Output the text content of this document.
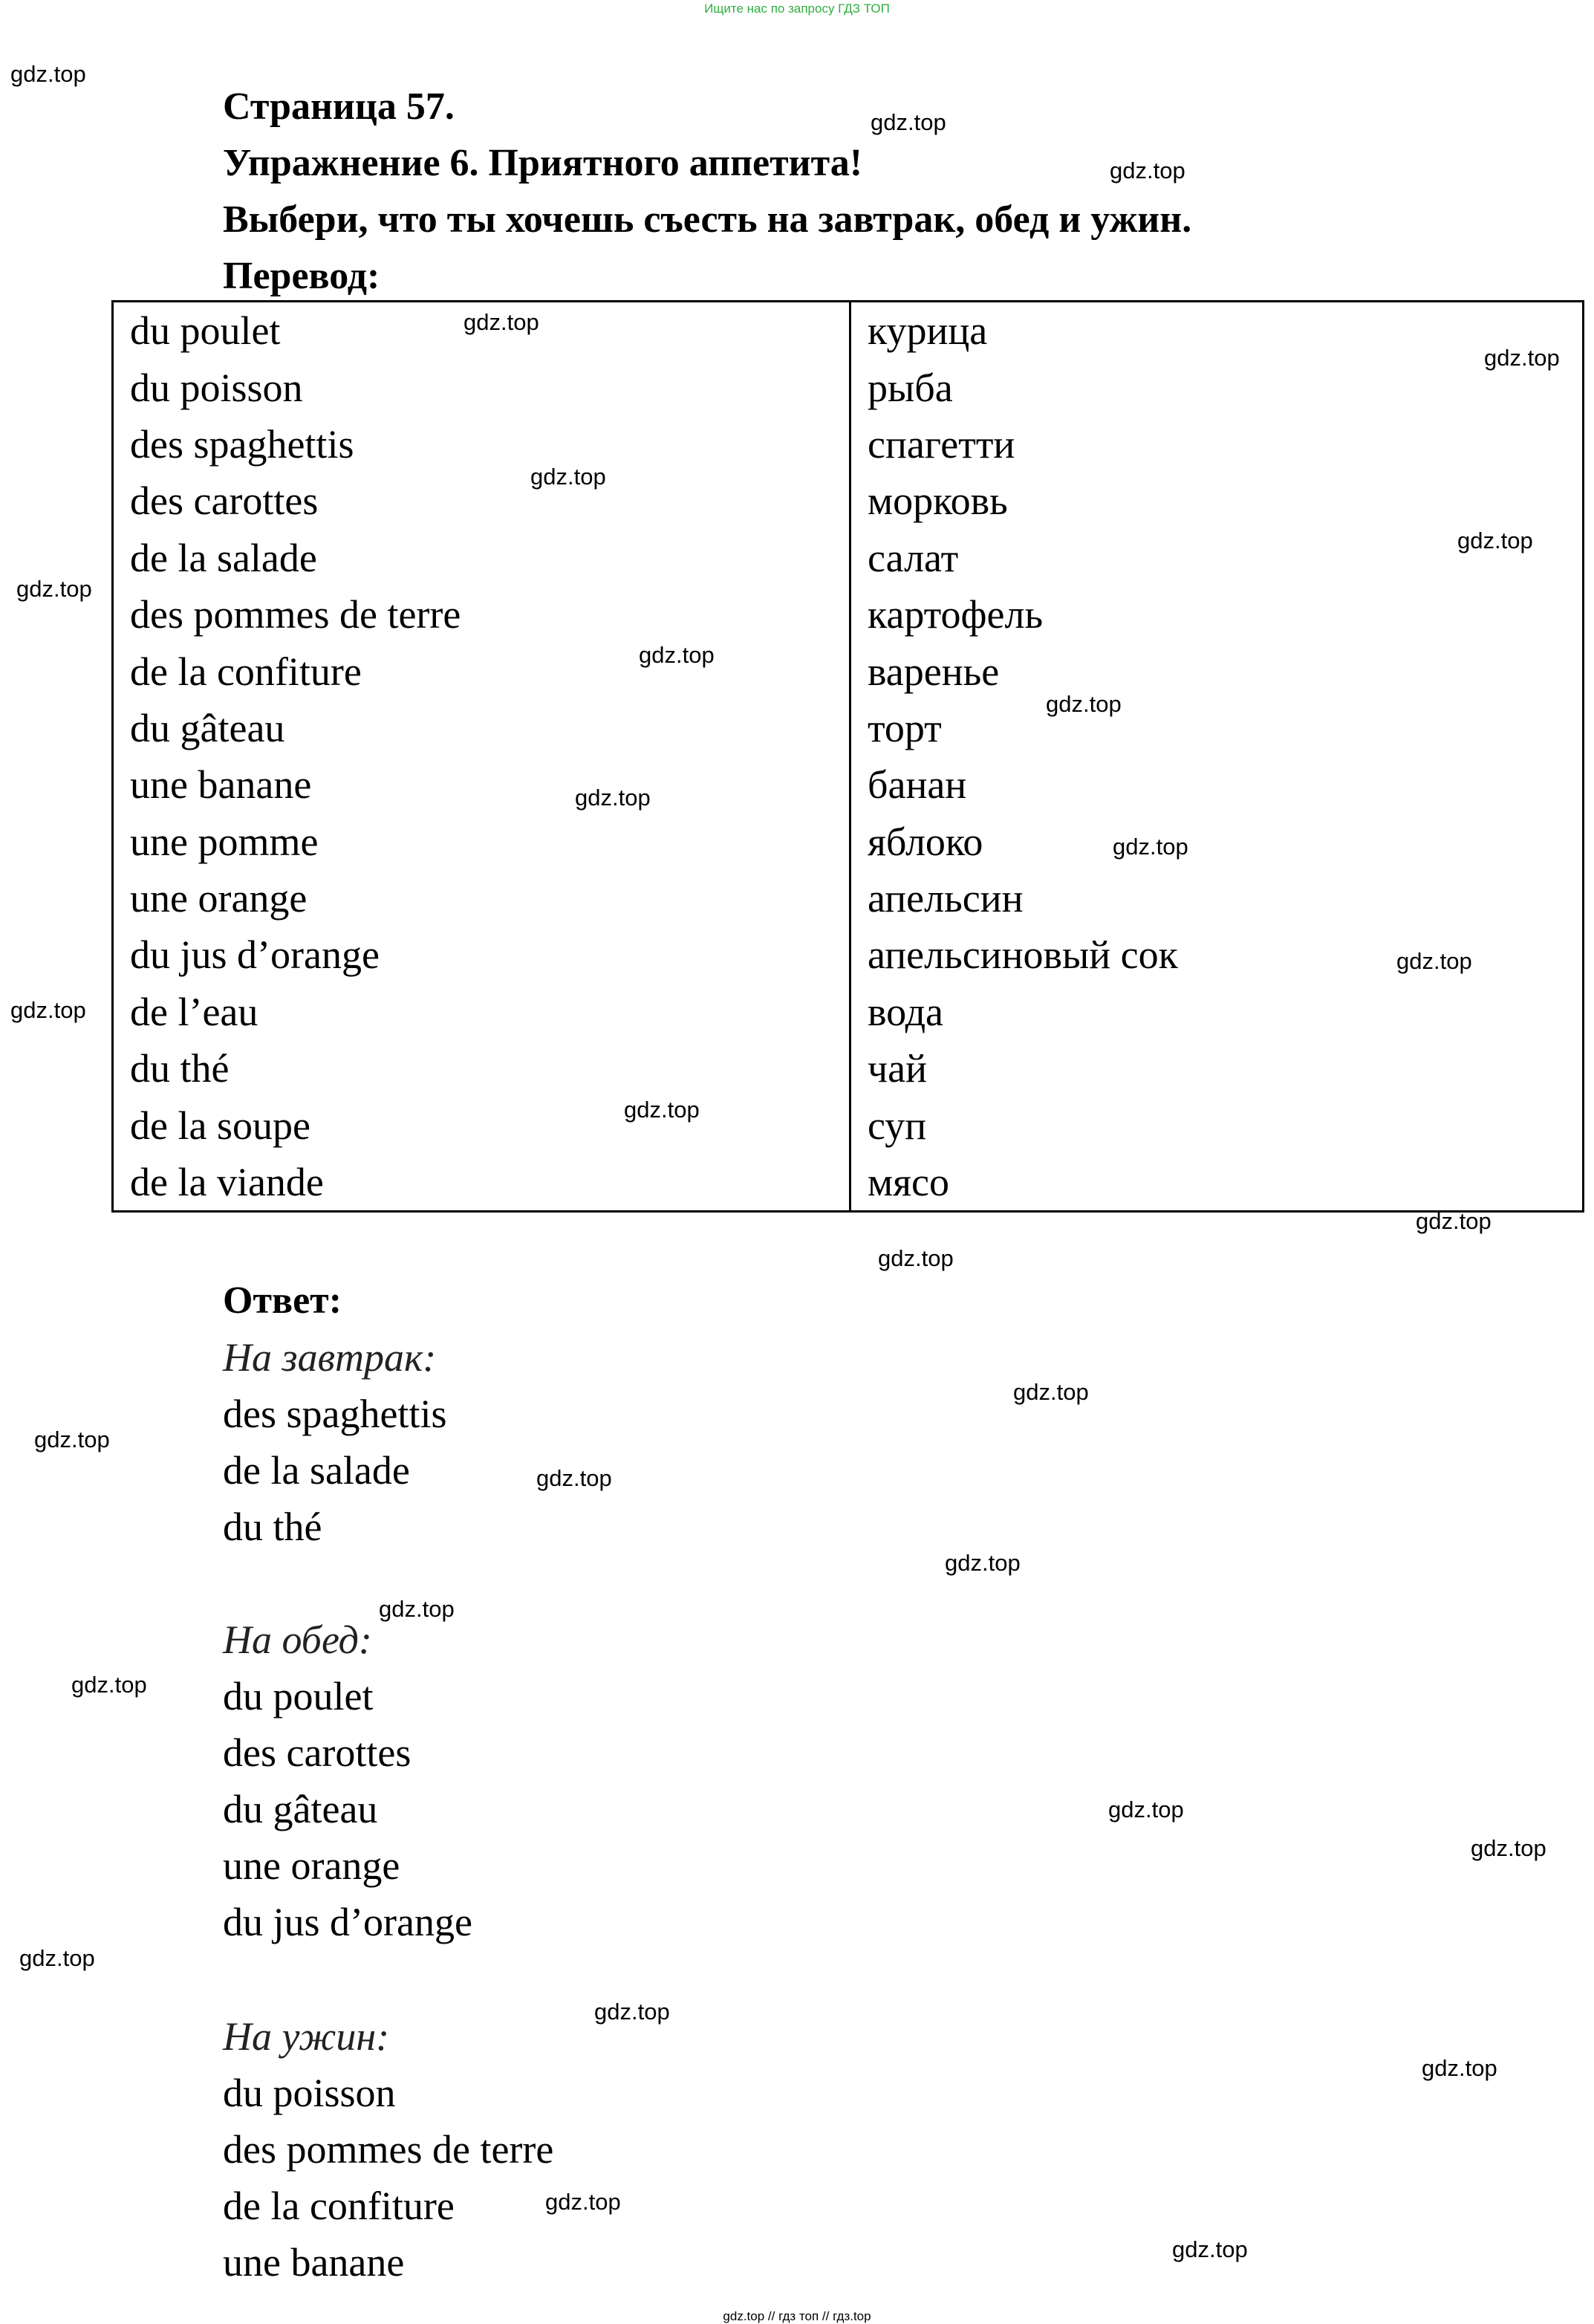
Ищите нас по запросу ГДЗ ТОП
Страница 57.
Упражнение 6. Приятного аппетита!
Выбери, что ты хочешь съесть на завтрак, обед и ужин.
Перевод:
du poulet	курица
du poisson	рыба
des spaghettis	спагетти
des carottes	морковь
de la salade	салат
des pommes de terre	картофель
de la confiture	варенье
du gâteau	торт
une banane	банан
une pomme	яблоко
une orange	апельсин
du jus d’orange	апельсиновый сок
de l’eau	вода
du thé	чай
de la soupe	суп
de la viande	мясо
Ответ:
На завтрак:
des spaghettis
de la salade
du thé
На обед:
du poulet
des carottes
du gâteau
une orange
du jus d’orange
На ужин:
du poisson
des pommes de terre
de la confiture
une banane
gdz.top
gdz.top
gdz.top
gdz.top
gdz.top
gdz.top
gdz.top
gdz.top
gdz.top
gdz.top
gdz.top
gdz.top
gdz.top
gdz.top
gdz.top
gdz.top
gdz.top
gdz.top
gdz.top
gdz.top
gdz.top
gdz.top
gdz.top
gdz.top
gdz.top
gdz.top
gdz.top
gdz.top
gdz.top
gdz.top
gdz.top // гдз топ // гдз.top
